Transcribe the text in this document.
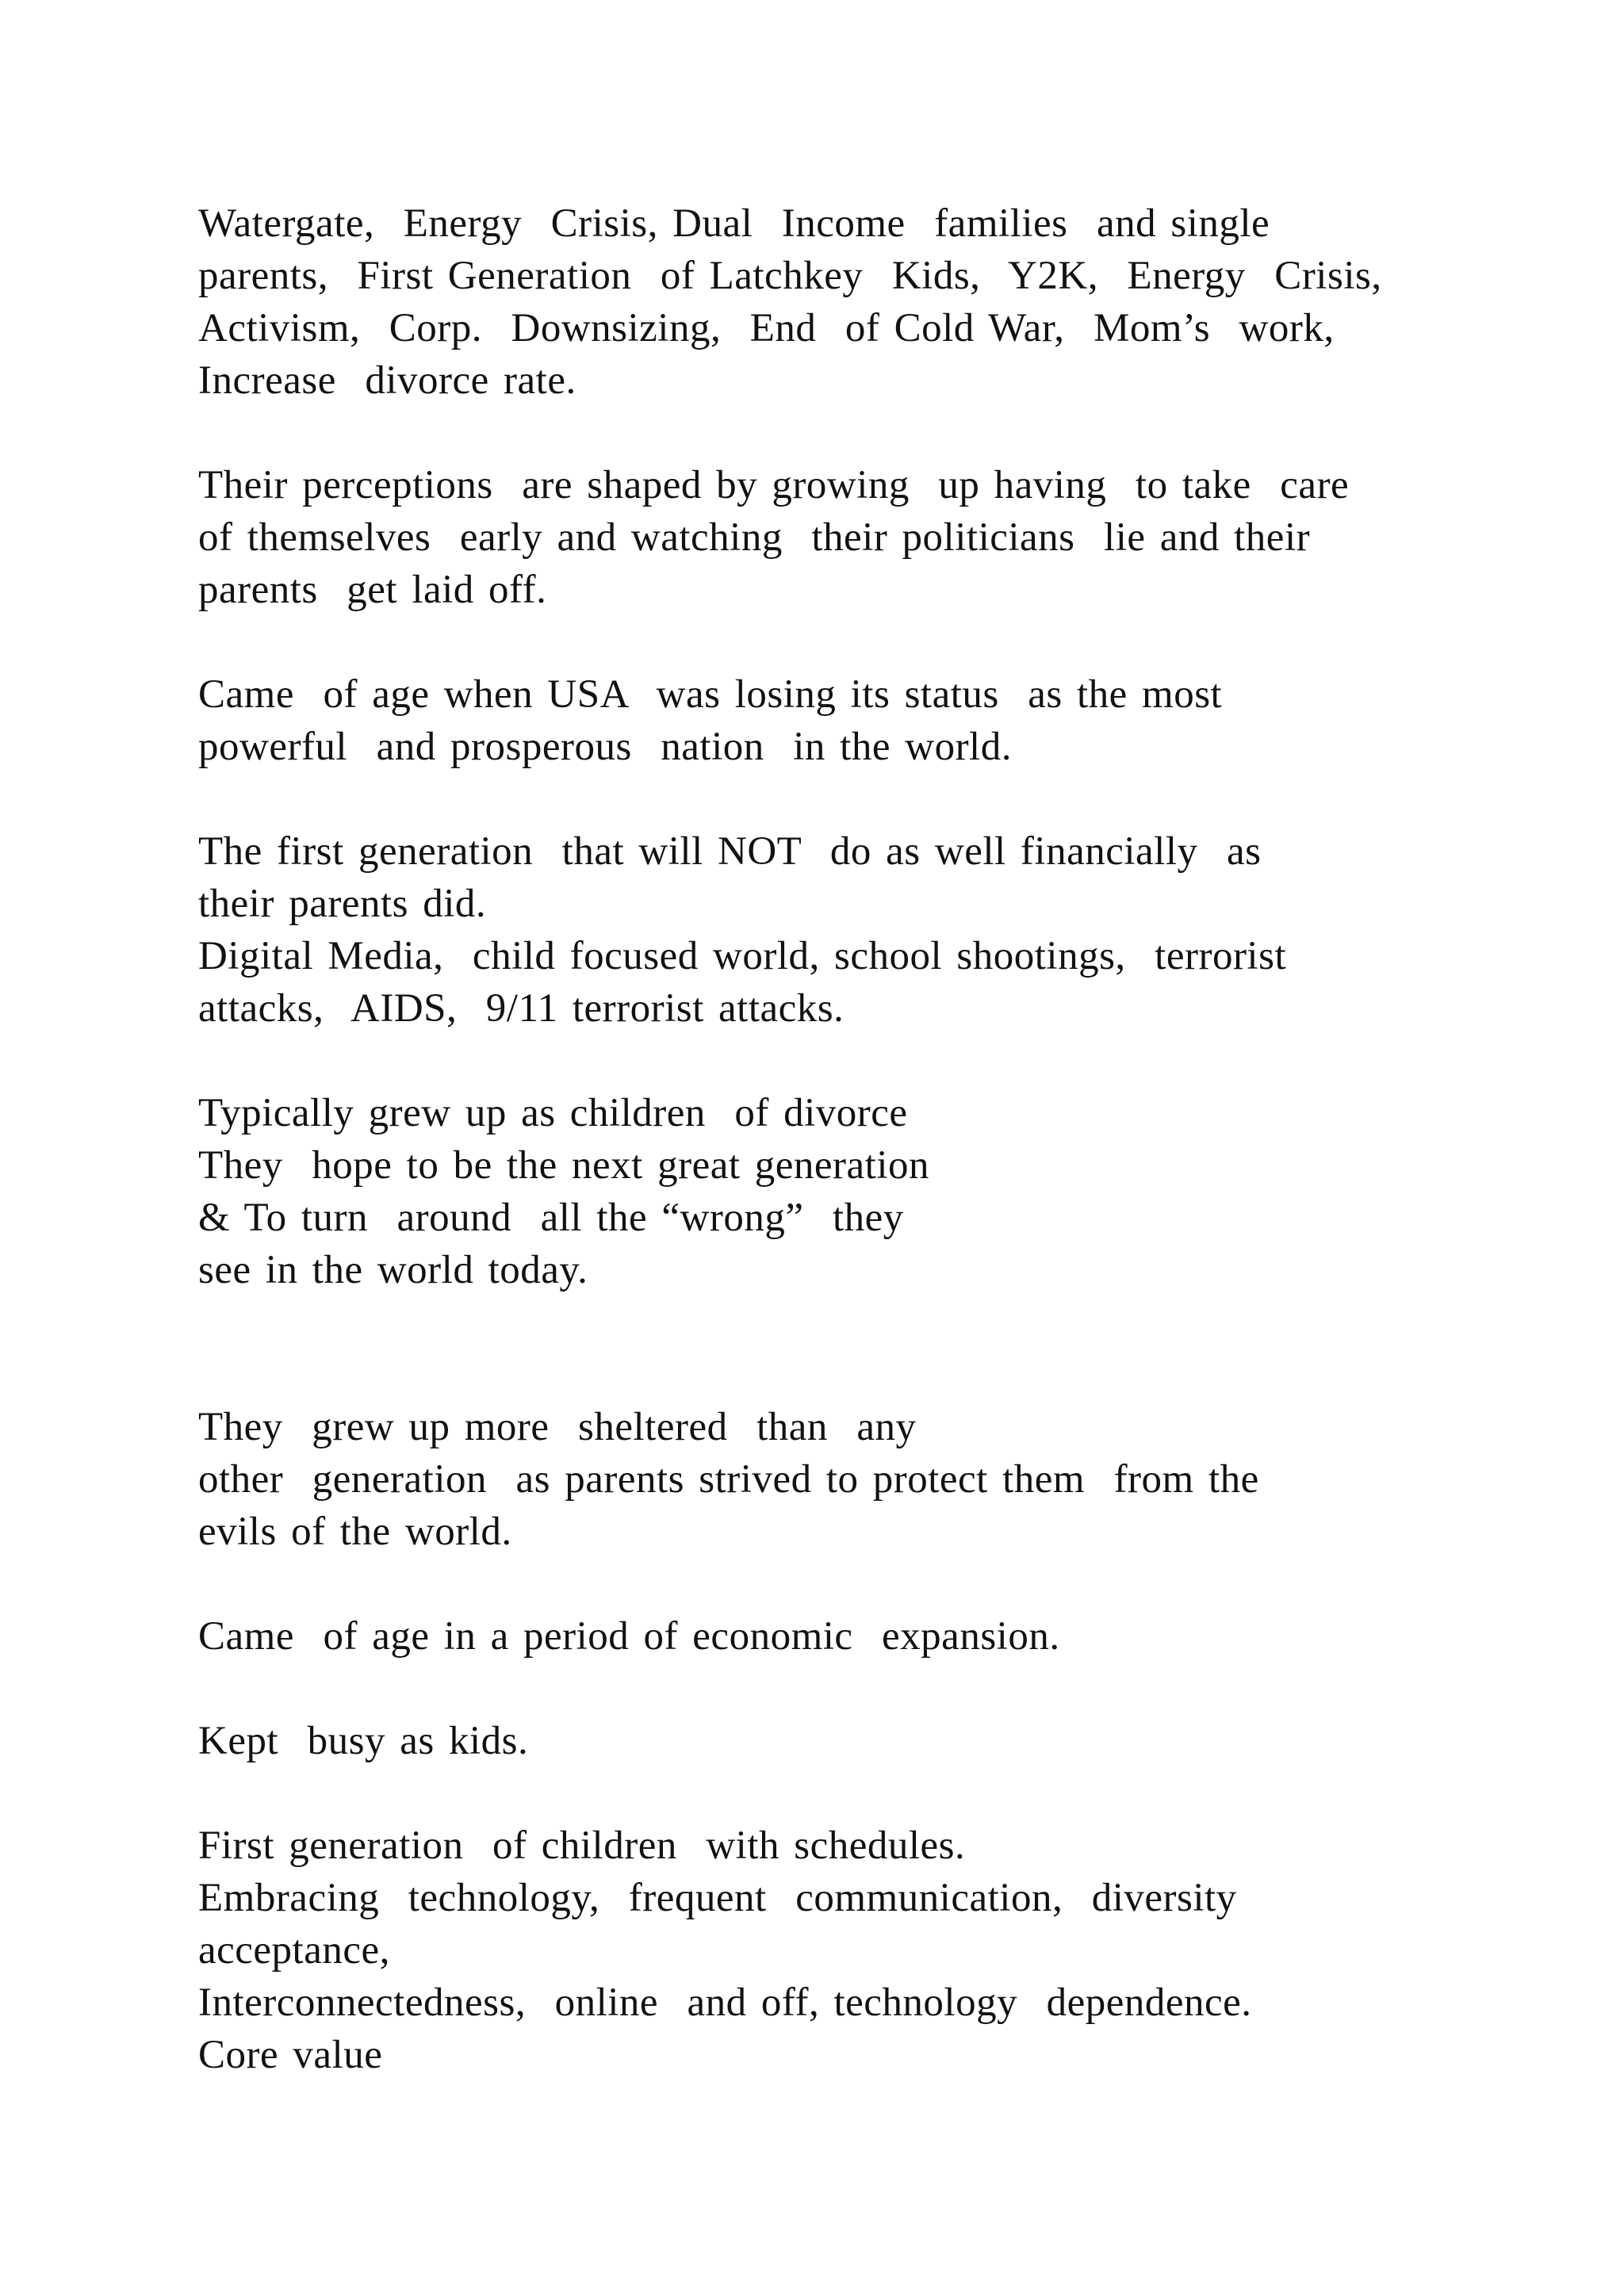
Watergate,  Energy  Crisis, Dual  Income  families  and single

parents,  First Generation  of Latchkey  Kids,  Y2K,  Energy  Crisis,

Activism,  Corp.  Downsizing,  End  of Cold War,  Mom’s  work,

Increase  divorce rate.

Their perceptions  are shaped by growing  up having  to take  care

of themselves  early and watching  their politicians  lie and their

parents  get laid off.

Came  of age when USA  was losing its status  as the most

powerful  and prosperous  nation  in the world.

The first generation  that will NOT  do as well financially  as

their parents did.

Digital Media,  child focused world, school shootings,  terrorist

attacks,  AIDS,  9/11 terrorist attacks.

Typically grew up as children  of divorce

They  hope to be the next great generation

& To turn  around  all the “wrong”  they

see in the world today.

They  grew up more  sheltered  than  any

other  generation  as parents strived to protect them  from the

evils of the world.

Came  of age in a period of economic  expansion.

Kept  busy as kids.

First generation  of children  with schedules.

Embracing  technology,  frequent  communication,  diversity

acceptance,

Interconnectedness,  online  and off, technology  dependence.

Core value
